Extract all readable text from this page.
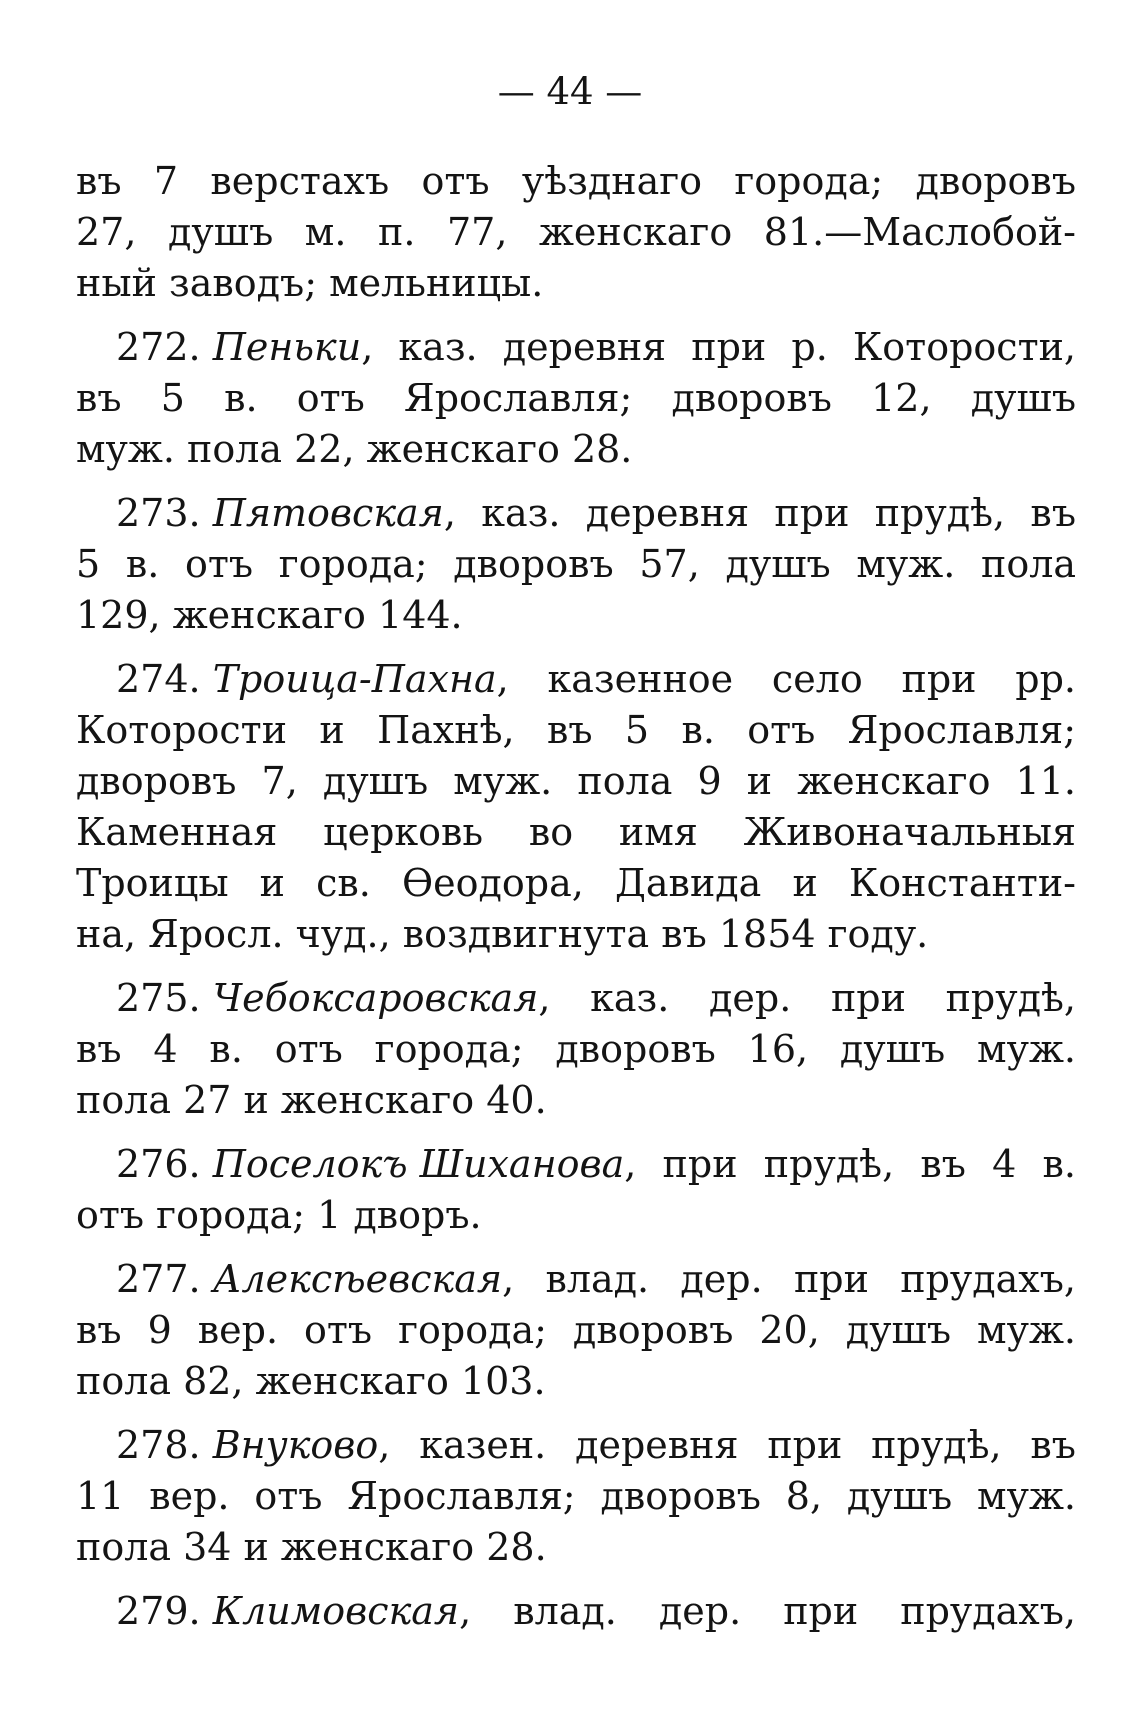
— 44 —
въ 7 верстахъ отъ уѣзднаго города; дворовъ
27, душъ м. п. 77, женскаго 81.—Маслобой-
ный заводъ; мельницы.
272. Пеньки , каз. деревня при р. Которости,
въ 5 в. отъ Ярославля; дворовъ 12, душъ
муж. пола 22, женскаго 28.
273. Пятовская , каз. деревня при прудѣ, въ
5 в. отъ города; дворовъ 57, душъ муж. пола
129, женскаго 144.
274. Троица-Пахна , казенное село при рр.
Которости и Пахнѣ, въ 5 в. отъ Ярославля;
дворовъ 7, душъ муж. пола 9 и женскаго 11.
Каменная церковь во имя Живоначальныя
Троицы и св. Ѳеодора, Давида и Константи-
на, Яросл. чуд., воздвигнута въ 1854 году.
275. Чебоксаровская , каз. дер. при прудѣ,
въ 4 в. отъ города; дворовъ 16, душъ муж.
пола 27 и женскаго 40.
276. Поселокъ Шиханова , при прудѣ, въ 4 в.
отъ города; 1 дворъ.
277. Алексѣевская , влад. дер. при прудахъ,
въ 9 вер. отъ города; дворовъ 20, душъ муж.
пола 82, женскаго 103.
278. Внуково , казен. деревня при прудѣ, въ
11 вер. отъ Ярославля; дворовъ 8, душъ муж.
пола 34 и женскаго 28.
279. Климовская , влад. дер. при прудахъ,
